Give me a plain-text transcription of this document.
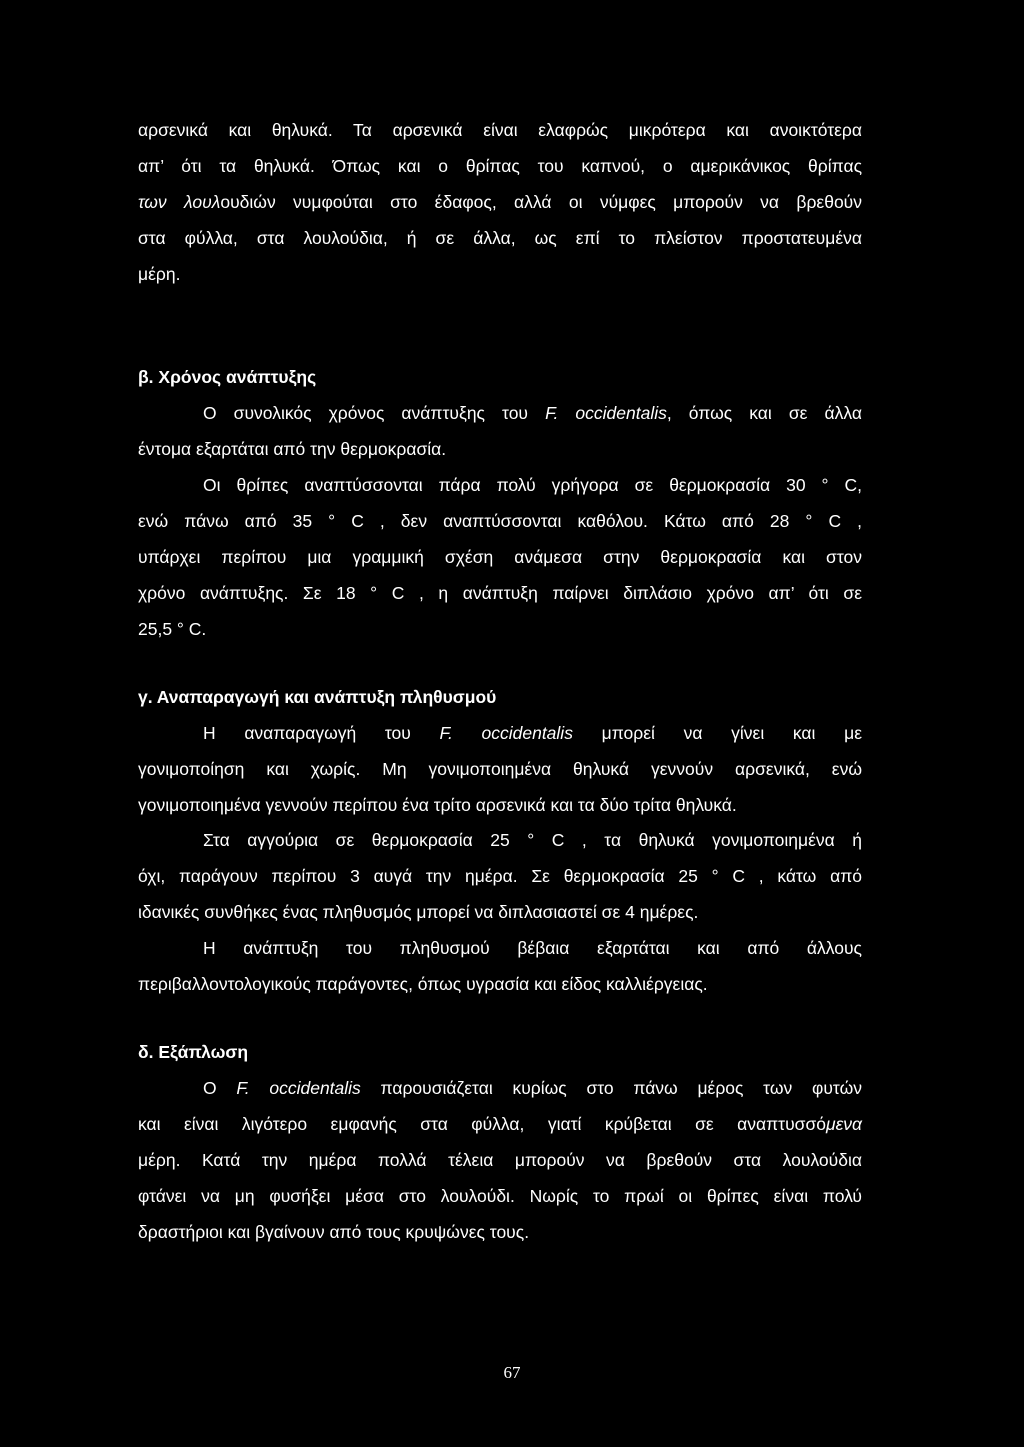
αρσενικά και θηλυκά. Τα αρσενικά είναι ελαφρώς μικρότερα και ανοικτότερα
απ’ ότι τα θηλυκά. Όπως και ο θρίπας του καπνού, ο αμερικάνικος θρίπας
των λουλουδιών νυμφούται στο έδαφος, αλλά οι νύμφες μπορούν να βρεθούν
στα φύλλα, στα λουλούδια, ή σε άλλα, ως επί το πλείστον προστατευμένα
μέρη.
β. Χρόνος ανάπτυξης
Ο συνολικός χρόνος ανάπτυξης του F. occidentalis, όπως και σε άλλα
έντομα εξαρτάται από την θερμοκρασία.
Οι θρίπες αναπτύσσονται πάρα πολύ γρήγορα σε θερμοκρασία 30 ° C,
ενώ πάνω από 35 ° C , δεν αναπτύσσονται καθόλου. Κάτω από 28 ° C ,
υπάρχει περίπου μια γραμμική σχέση ανάμεσα στην θερμοκρασία και στον
χρόνο ανάπτυξης. Σε 18 ° C , η ανάπτυξη παίρνει διπλάσιο χρόνο απ’ ότι σε
25,5 ° C.
γ. Αναπαραγωγή και ανάπτυξη πληθυσμού
Η αναπαραγωγή του F. occidentalis μπορεί να γίνει και με
γονιμοποίηση και χωρίς. Μη γονιμοποιημένα θηλυκά γεννούν αρσενικά, ενώ
γονιμοποιημένα γεννούν περίπου ένα τρίτο αρσενικά και τα δύο τρίτα θηλυκά.
Στα αγγούρια σε θερμοκρασία 25 ° C , τα θηλυκά γονιμοποιημένα ή
όχι, παράγουν περίπου 3 αυγά την ημέρα. Σε θερμοκρασία 25 ° C , κάτω από
ιδανικές συνθήκες ένας πληθυσμός μπορεί να διπλασιαστεί σε 4 ημέρες.
Η ανάπτυξη του πληθυσμού βέβαια εξαρτάται και από άλλους
περιβαλλοντολογικούς παράγοντες, όπως υγρασία και είδος καλλιέργειας.
δ. Εξάπλωση
Ο F. occidentalis παρουσιάζεται κυρίως στο πάνω μέρος των φυτών
και είναι λιγότερο εμφανής στα φύλλα, γιατί κρύβεται σε αναπτυσσόμενα
μέρη. Κατά την ημέρα πολλά τέλεια μπορούν να βρεθούν στα λουλούδια
φτάνει να μη φυσήξει μέσα στο λουλούδι. Νωρίς το πρωί οι θρίπες είναι πολύ
δραστήριοι και βγαίνουν από τους κρυψώνες τους.
67
